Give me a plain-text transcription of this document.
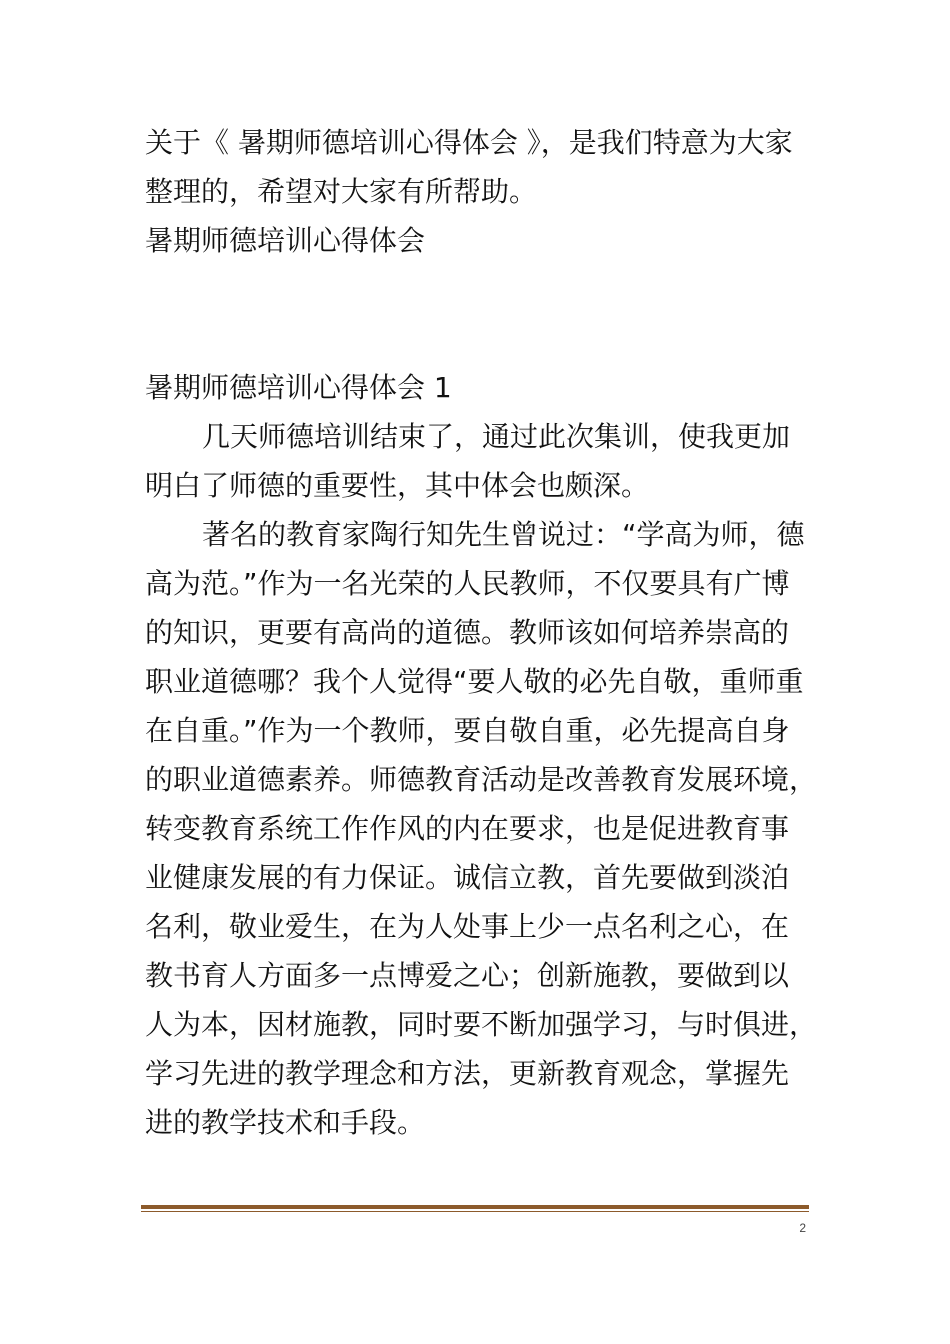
关于《 暑期师德培训心得体会 》，是我们特意为大家
整理的，希望对大家有所帮助。
暑期师德培训心得体会
暑期师德培训心得体会 1
几天师德培训结束了，通过此次集训，使我更加
明白了师德的重要性，其中体会也颇深。
著名的教育家陶行知先生曾说过：“学高为师，德
高为范。”作为一名光荣的人民教师，不仅要具有广博
的知识，更要有高尚的道德。教师该如何培养崇高的
职业道德哪？我个人觉得“要人敬的必先自敬，重师重
在自重。”作为一个教师，要自敬自重，必先提高自身
的职业道德素养。师德教育活动是改善教育发展环境，
转变教育系统工作作风的内在要求，也是促进教育事
业健康发展的有力保证。诚信立教，首先要做到淡泊
名利，敬业爱生，在为人处事上少一点名利之心，在
教书育人方面多一点博爱之心；创新施教，要做到以
人为本，因材施教，同时要不断加强学习，与时俱进，
学习先进的教学理念和方法，更新教育观念，掌握先
进的教学技术和手段。
2
